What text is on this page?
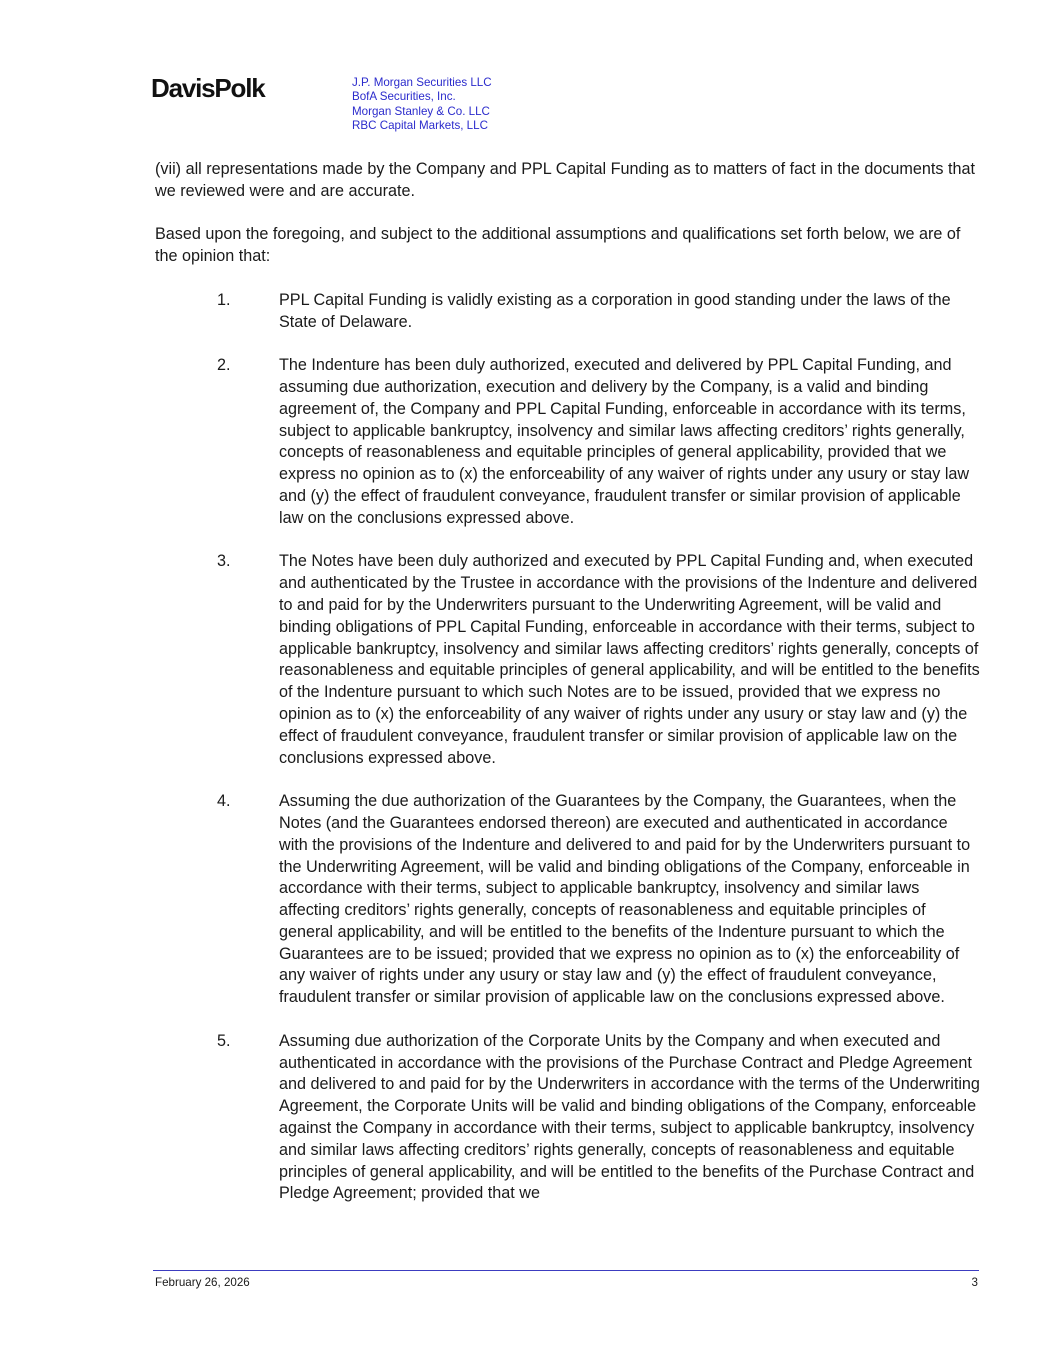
DavisPolk	J.P. Morgan Securities LLC
BofA Securities, Inc.
Morgan Stanley & Co. LLC
RBC Capital Markets, LLC

(vii) all representations made by the Company and PPL Capital Funding as to matters of fact in the documents that we reviewed were and are accurate.

Based upon the foregoing, and subject to the additional assumptions and qualifications set forth below, we are of the opinion that:

1.	PPL Capital Funding is validly existing as a corporation in good standing under the laws of the State of Delaware.
2.	The Indenture has been duly authorized, executed and delivered by PPL Capital Funding, and assuming due authorization, execution and delivery by the Company, is a valid and binding agreement of, the Company and PPL Capital Funding, enforceable in accordance with its terms, subject to applicable bankruptcy, insolvency and similar laws affecting creditors’ rights generally, concepts of reasonableness and equitable principles of general applicability, provided that we express no opinion as to (x) the enforceability of any waiver of rights under any usury or stay law and (y) the effect of fraudulent conveyance, fraudulent transfer or similar provision of applicable law on the conclusions expressed above.
3.	The Notes have been duly authorized and executed by PPL Capital Funding and, when executed and authenticated by the Trustee in accordance with the provisions of the Indenture and delivered to and paid for by the Underwriters pursuant to the Underwriting Agreement, will be valid and binding obligations of PPL Capital Funding, enforceable in accordance with their terms, subject to applicable bankruptcy, insolvency and similar laws affecting creditors’ rights generally, concepts of reasonableness and equitable principles of general applicability, and will be entitled to the benefits of the Indenture pursuant to which such Notes are to be issued, provided that we express no opinion as to (x) the enforceability of any waiver of rights under any usury or stay law and (y) the effect of fraudulent conveyance, fraudulent transfer or similar provision of applicable law on the conclusions expressed above.
4.	Assuming the due authorization of the Guarantees by the Company, the Guarantees, when the Notes (and the Guarantees endorsed thereon) are executed and authenticated in accordance with the provisions of the Indenture and delivered to and paid for by the Underwriters pursuant to the Underwriting Agreement, will be valid and binding obligations of the Company, enforceable in accordance with their terms, subject to applicable bankruptcy, insolvency and similar laws affecting creditors’ rights generally, concepts of reasonableness and equitable principles of general applicability, and will be entitled to the benefits of the Indenture pursuant to which the Guarantees are to be issued; provided that we express no opinion as to (x) the enforceability of any waiver of rights under any usury or stay law and (y) the effect of fraudulent conveyance, fraudulent transfer or similar provision of applicable law on the conclusions expressed above.
5.	Assuming due authorization of the Corporate Units by the Company and when executed and authenticated in accordance with the provisions of the Purchase Contract and Pledge Agreement and delivered to and paid for by the Underwriters in accordance with the terms of the Underwriting Agreement, the Corporate Units will be valid and binding obligations of the Company, enforceable against the Company in accordance with their terms, subject to applicable bankruptcy, insolvency and similar laws affecting creditors’ rights generally, concepts of reasonableness and equitable principles of general applicability, and will be entitled to the benefits of the Purchase Contract and Pledge Agreement; provided that we
February 26, 2026	3
